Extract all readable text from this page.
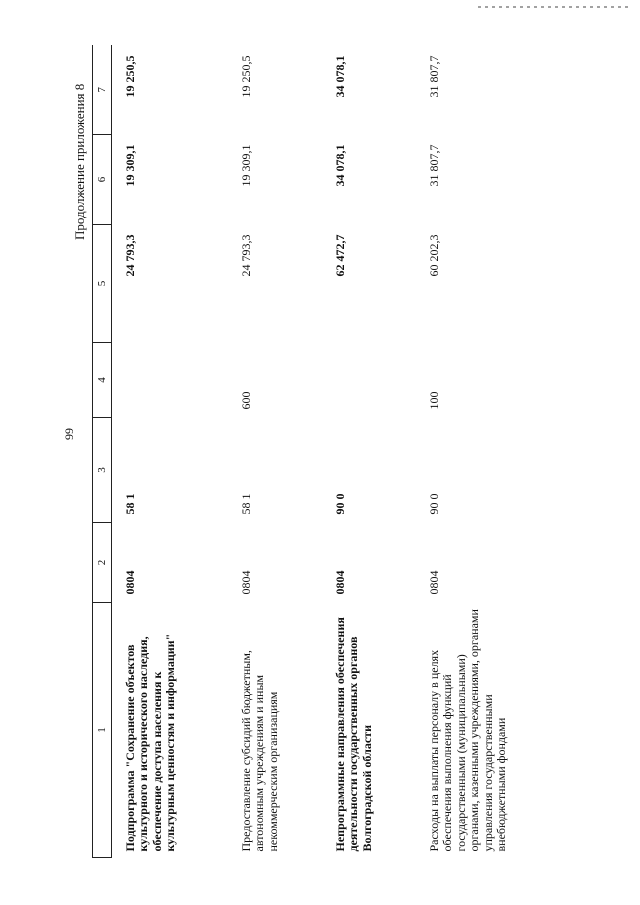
99
Продолжение приложения 8
1	2	3	4	5	6	7
Подпрограмма "Сохранение объектов культурного и исторического наследия, обеспечение доступа населения к культурным ценностям и информации"	0804	58 1		24 793,3	19 309,1	19 250,5
Предоставление субсидий бюджетным, автономным учреждениям и иным некоммерческим организациям	0804	58 1	600	24 793,3	19 309,1	19 250,5
Непрограммные направления обеспечения деятельности государственных органов Волгоградской области	0804	90 0		62 472,7	34 078,1	34 078,1
Расходы на выплаты персоналу в целях обеспечения выполнения функций государственными (муниципальными) органами, казенными учреждениями, органами управления государственными внебюджетными фондами	0804	90 0	100	60 202,3	31 807,7	31 807,7
